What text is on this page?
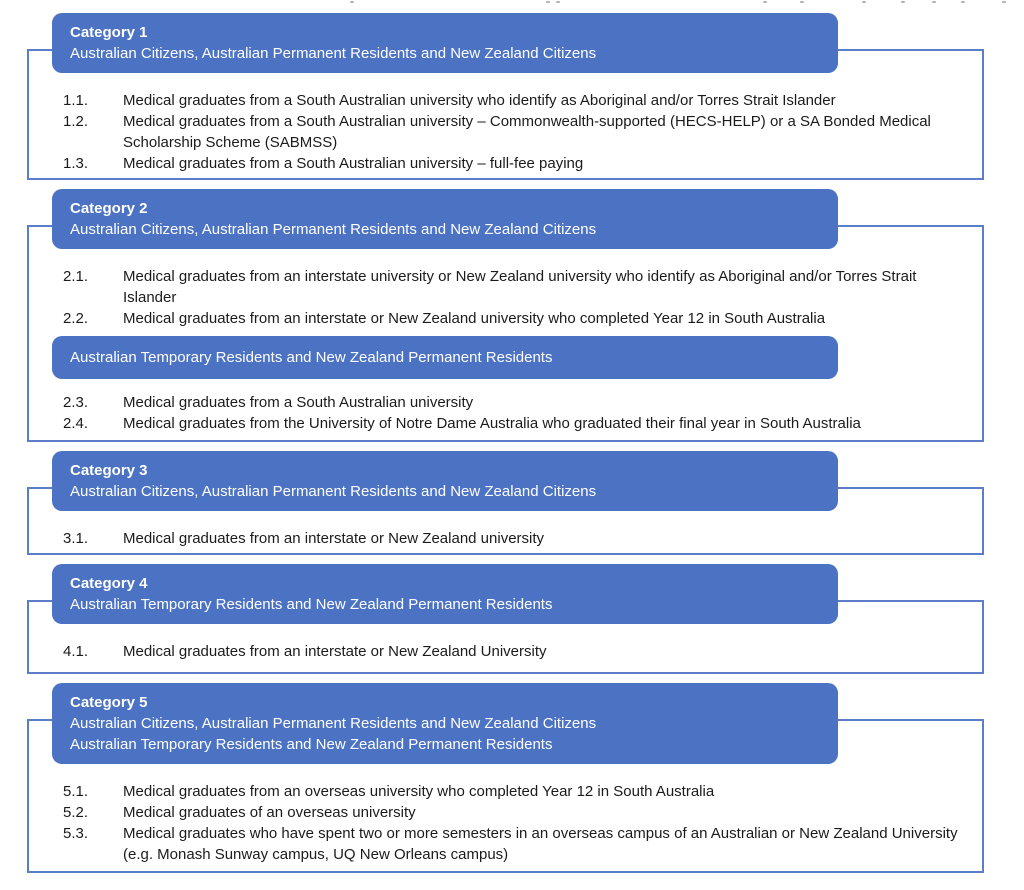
Category 1
Australian Citizens, Australian Permanent Residents and New Zealand Citizens
1.1.	Medical graduates from a South Australian university who identify as Aboriginal and/or Torres Strait Islander
1.2.	Medical graduates from a South Australian university – Commonwealth-supported (HECS-HELP) or a SA Bonded Medical Scholarship Scheme (SABMSS)
1.3.	Medical graduates from a South Australian university – full-fee paying
Category 2
Australian Citizens, Australian Permanent Residents and New Zealand Citizens
2.1.	Medical graduates from an interstate university or New Zealand university who identify as Aboriginal and/or Torres Strait Islander
2.2.	Medical graduates from an interstate or New Zealand university who completed Year 12 in South Australia
Australian Temporary Residents and New Zealand Permanent Residents
2.3.	Medical graduates from a South Australian university
2.4.	Medical graduates from the University of Notre Dame Australia who graduated their final year in South Australia
Category 3
Australian Citizens, Australian Permanent Residents and New Zealand Citizens
3.1.	Medical graduates from an interstate or New Zealand university
Category 4
Australian Temporary Residents and New Zealand Permanent Residents
4.1.	Medical graduates from an interstate or New Zealand University
Category 5
Australian Citizens, Australian Permanent Residents and New Zealand Citizens
Australian Temporary Residents and New Zealand Permanent Residents
5.1.	Medical graduates from an overseas university who completed Year 12 in South Australia
5.2.	Medical graduates of an overseas university
5.3.	Medical graduates who have spent two or more semesters in an overseas campus of an Australian or New Zealand University (e.g. Monash Sunway campus, UQ New Orleans campus)
